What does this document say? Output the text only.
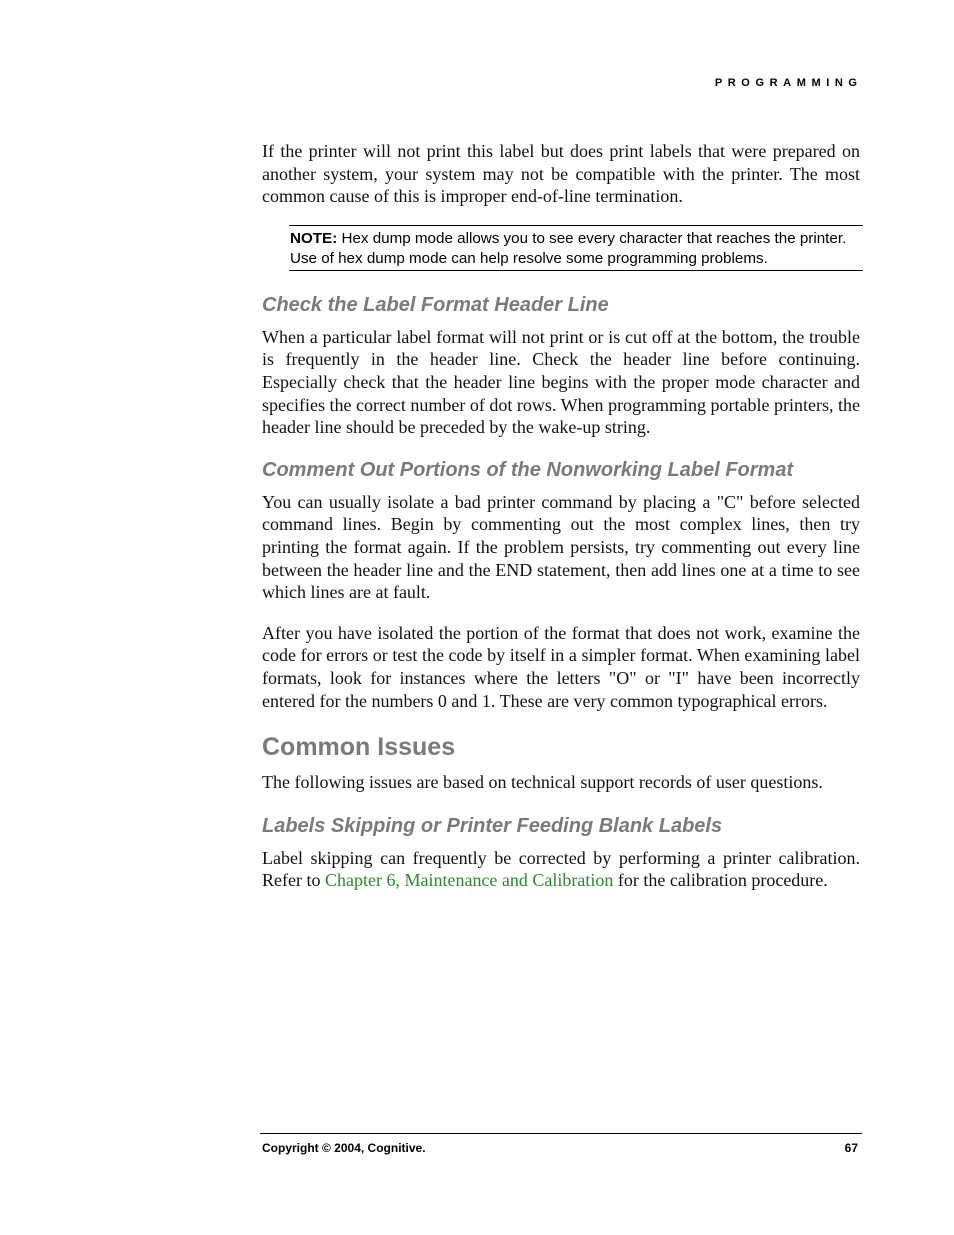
PROGRAMMING

If the printer will not print this label but does print labels that were prepared on another system, your system may not be compatible with the printer. The most common cause of this is improper end-of-line termination.

NOTE: Hex dump mode allows you to see every character that reaches the printer. Use of hex dump mode can help resolve some programming problems.
Check the Label Format Header Line

When a particular label format will not print or is cut off at the bottom, the trouble is frequently in the header line. Check the header line before continuing. Especially check that the header line begins with the proper mode character and specifies the correct number of dot rows. When programming portable printers, the header line should be preceded by the wake-up string.

Comment Out Portions of the Nonworking Label Format

You can usually isolate a bad printer command by placing a "C" before selected command lines. Begin by commenting out the most complex lines, then try printing the format again. If the problem persists, try commenting out every line between the header line and the END statement, then add lines one at a time to see which lines are at fault.

After you have isolated the portion of the format that does not work, examine the code for errors or test the code by itself in a simpler format. When examining label formats, look for instances where the letters "O" or "I" have been incorrectly entered for the numbers 0 and 1. These are very common typographical errors.

Common Issues

The following issues are based on technical support records of user questions.

Labels Skipping or Printer Feeding Blank Labels

Label skipping can frequently be corrected by performing a printer calibration. Refer to Chapter 6, Maintenance and Calibration for the calibration procedure.

Copyright © 2004, Cognitive.	67
